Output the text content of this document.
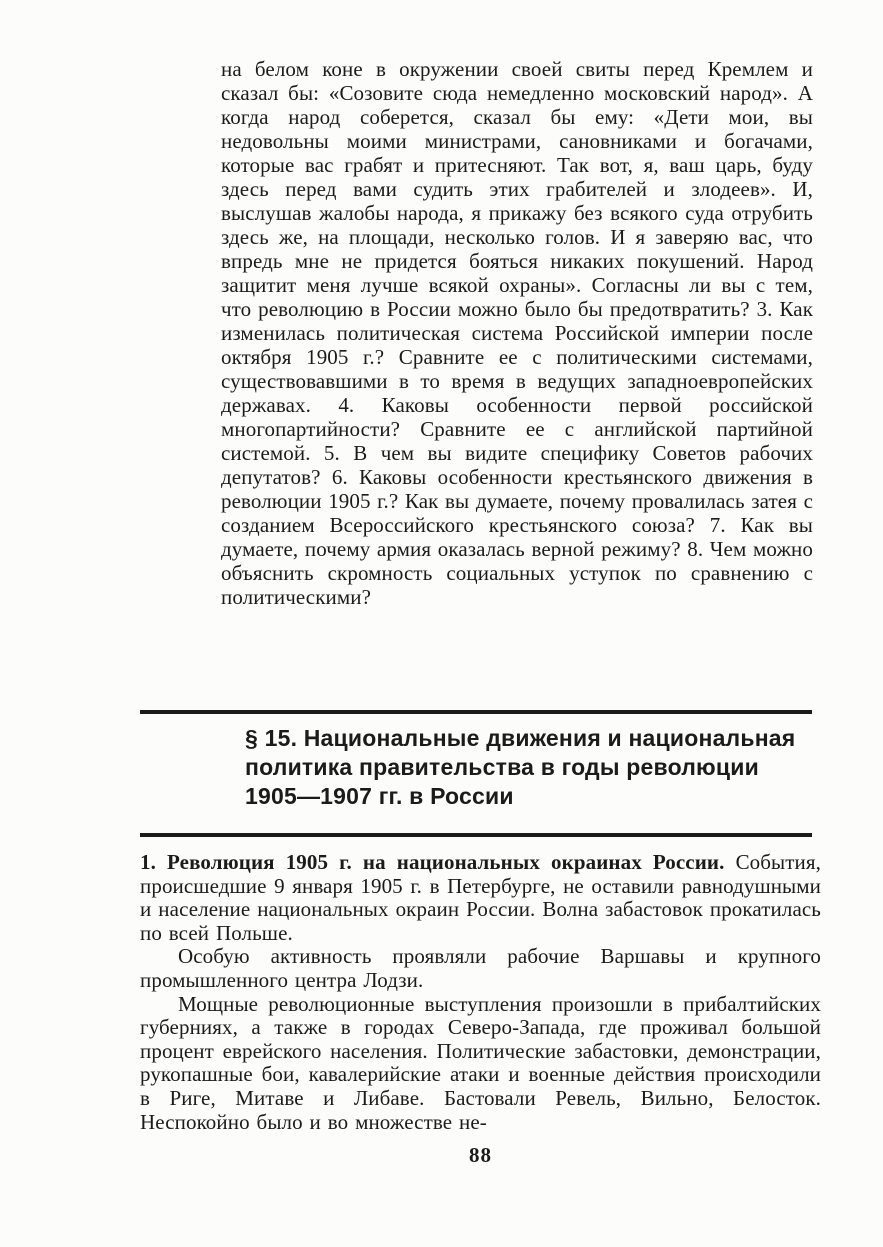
на белом коне в окружении своей свиты перед Кремлем и сказал бы: «Созовите сюда немедленно московский народ». А когда народ соберется, сказал бы ему: «Дети мои, вы недовольны моими министрами, сановниками и богачами, которые вас грабят и притесняют. Так вот, я, ваш царь, буду здесь перед вами судить этих грабителей и злодеев». И, выслушав жалобы народа, я прикажу без всякого суда отрубить здесь же, на площади, несколько голов. И я заверяю вас, что впредь мне не придется бояться никаких покушений. Народ защитит меня лучше всякой охраны». Согласны ли вы с тем, что революцию в России можно было бы предотвратить? 3. Как изменилась политическая система Российской империи после октября 1905 г.? Сравните ее с политическими системами, существовавшими в то время в ведущих западноевропейских державах. 4. Каковы особенности первой российской многопартийности? Сравните ее с английской партийной системой. 5. В чем вы видите специфику Советов рабочих депутатов? 6. Каковы особенности крестьянского движения в революции 1905 г.? Как вы думаете, почему провалилась затея с созданием Всероссийского крестьянского союза? 7. Как вы думаете, почему армия оказалась верной режиму? 8. Чем можно объяснить скромность социальных уступок по сравнению с политическими?
§ 15. Национальные движения и национальная
политика правительства в годы революции
1905—1907 гг. в России

1. Революция 1905 г. на национальных окраинах России. События, происшедшие 9 января 1905 г. в Петербурге, не оставили равнодушными и население национальных окраин России. Волна забастовок прокатилась по всей Польше.

Особую активность проявляли рабочие Варшавы и крупного промышленного центра Лодзи.

Мощные революционные выступления произошли в прибалтийских губерниях, а также в городах Северо-Запада, где проживал большой процент еврейского населения. Политические забастовки, демонстрации, рукопашные бои, кавалерийские атаки и военные действия происходили в Риге, Митаве и Либаве. Бастовали Ревель, Вильно, Белосток. Неспокойно было и во множестве не-

88
